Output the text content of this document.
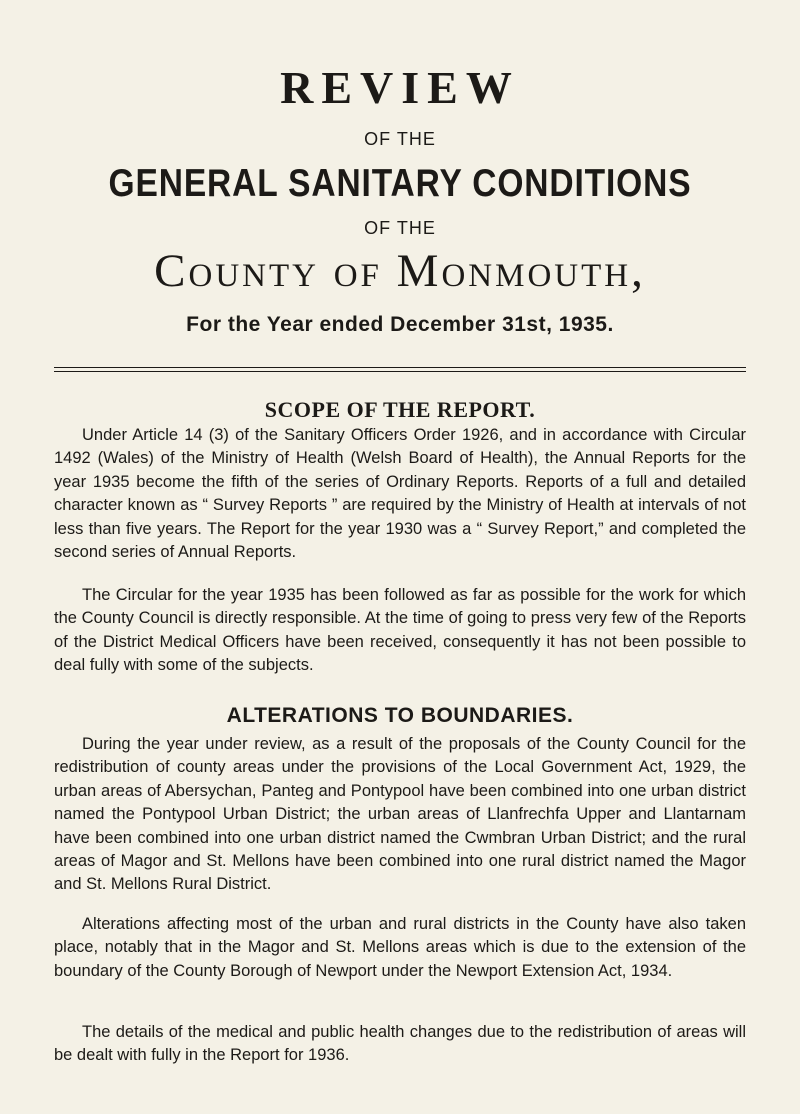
REVIEW
OF THE
GENERAL SANITARY CONDITIONS
OF THE
County of Monmouth,
For the Year ended December 31st, 1935.
SCOPE OF THE REPORT.

Under Article 14 (3) of the Sanitary Officers Order 1926, and in accordance with Circular 1492 (Wales) of the Ministry of Health (Welsh Board of Health), the Annual Reports for the year 1935 become the fifth of the series of Ordinary Reports. Reports of a full and detailed character known as “ Survey Reports ” are required by the Ministry of Health at intervals of not less than five years. The Report for the year 1930 was a “ Survey Report,” and completed the second series of Annual Reports.

The Circular for the year 1935 has been followed as far as possible for the work for which the County Council is directly responsible. At the time of going to press very few of the Reports of the District Medical Officers have been received, consequently it has not been possible to deal fully with some of the subjects.

ALTERATIONS TO BOUNDARIES.

During the year under review, as a result of the proposals of the County Council for the redistribution of county areas under the provisions of the Local Government Act, 1929, the urban areas of Abersychan, Panteg and Pontypool have been combined into one urban district named the Pontypool Urban District; the urban areas of Llanfrechfa Upper and Llantarnam have been combined into one urban district named the Cwmbran Urban District; and the rural areas of Magor and St. Mellons have been combined into one rural district named the Magor and St. Mellons Rural District.

Alterations affecting most of the urban and rural districts in the County have also taken place, notably that in the Magor and St. Mellons areas which is due to the extension of the boundary of the County Borough of Newport under the Newport Extension Act, 1934.

The details of the medical and public health changes due to the redistribution of areas will be dealt with fully in the Report for 1936.
